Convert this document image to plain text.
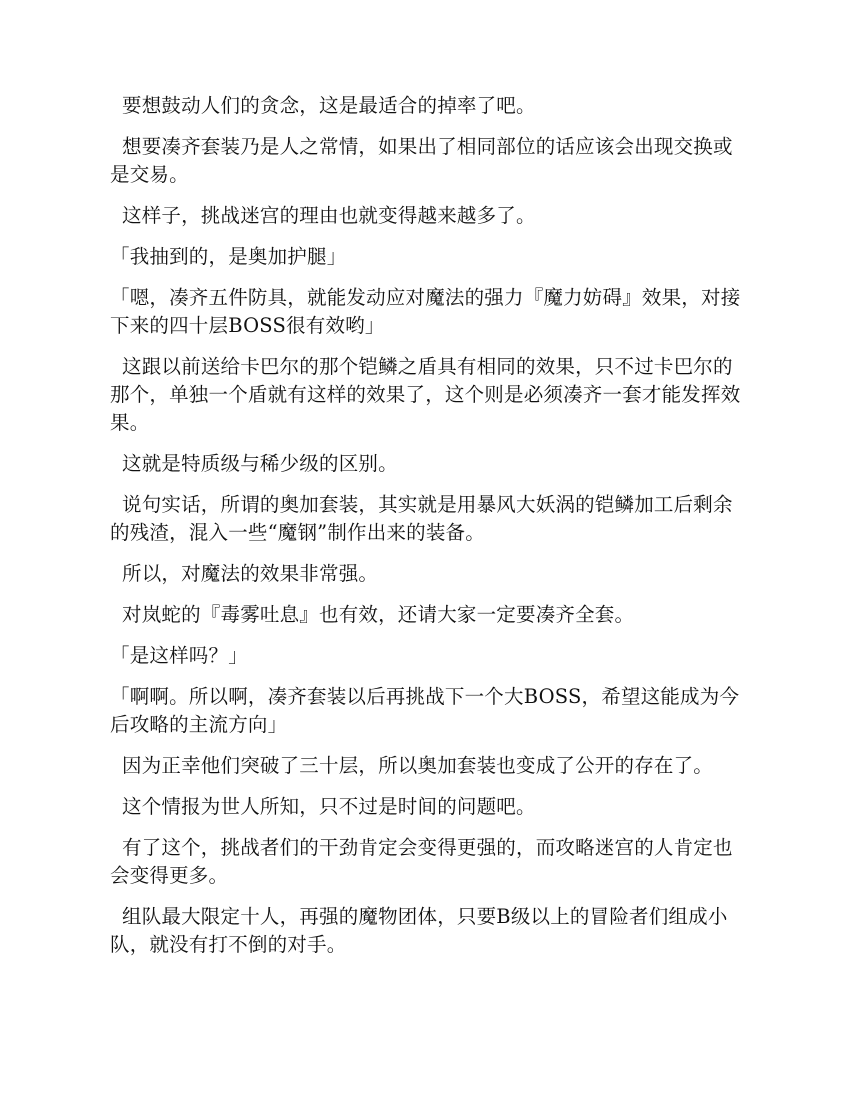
要想鼓动人们的贪念，这是最适合的掉率了吧。

想要凑齐套装乃是人之常情，如果出了相同部位的话应该会出现交换或是交易。

这样子，挑战迷宫的理由也就变得越来越多了。

「我抽到的，是奥加护腿」

「嗯，凑齐五件防具，就能发动应对魔法的强力『魔力妨碍』效果，对接下来的四十层BOSS很有效哟」

这跟以前送给卡巴尔的那个铠鳞之盾具有相同的效果，只不过卡巴尔的那个，单独一个盾就有这样的效果了，这个则是必须凑齐一套才能发挥效果。

这就是特质级与稀少级的区别。

说句实话，所谓的奥加套装，其实就是用暴风大妖涡的铠鳞加工后剩余的残渣，混入一些“魔钢”制作出来的装备。

所以，对魔法的效果非常强。

对岚蛇的『毒雾吐息』也有效，还请大家一定要凑齐全套。

「是这样吗？」

「啊啊。所以啊，凑齐套装以后再挑战下一个大BOSS，希望这能成为今后攻略的主流方向」

因为正幸他们突破了三十层，所以奥加套装也变成了公开的存在了。

这个情报为世人所知，只不过是时间的问题吧。

有了这个，挑战者们的干劲肯定会变得更强的，而攻略迷宫的人肯定也会变得更多。

组队最大限定十人，再强的魔物团体，只要B级以上的冒险者们组成小队，就没有打不倒的对手。
